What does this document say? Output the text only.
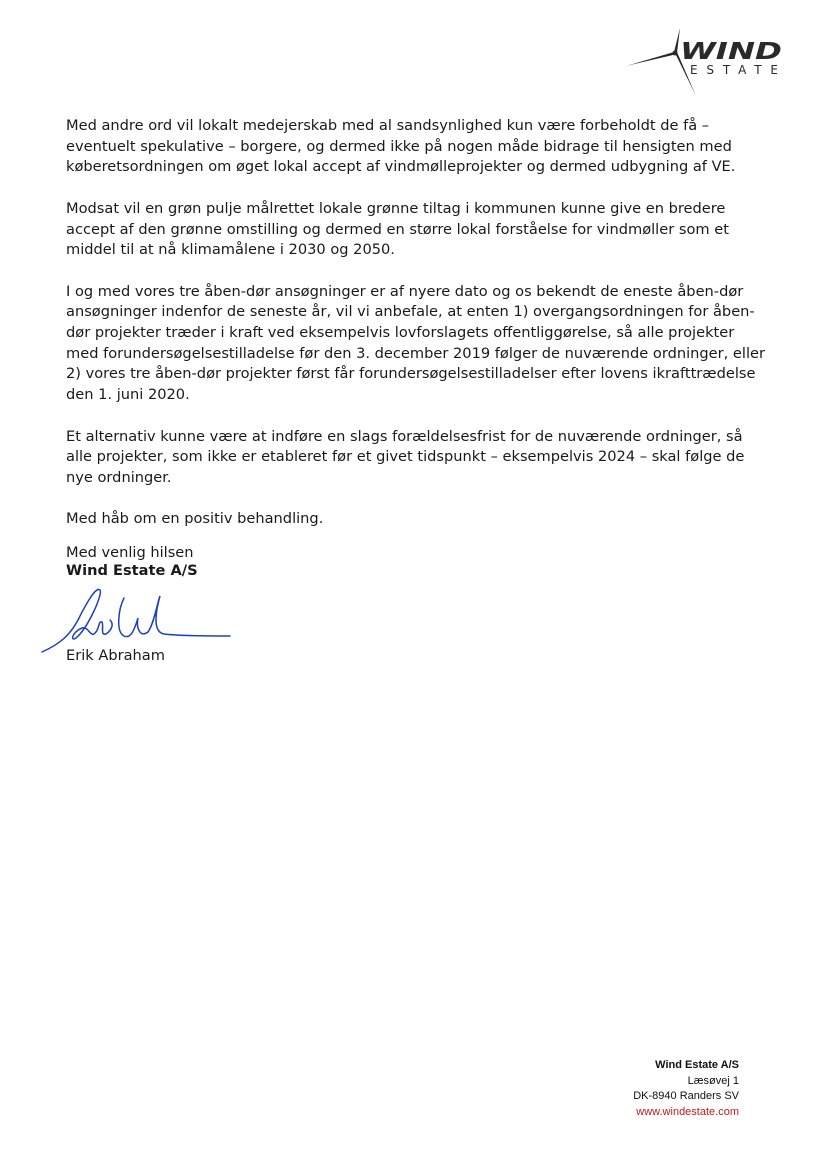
WIND
ESTATE

Med andre ord vil lokalt medejerskab med al sandsynlighed kun være forbeholdt de få – eventuelt spekulative – borgere, og dermed ikke på nogen måde bidrage til hensigten med køberetsordningen om øget lokal accept af vindmølleprojekter og dermed udbygning af VE.

Modsat vil en grøn pulje målrettet lokale grønne tiltag i kommunen kunne give en bredere accept af den grønne omstilling og dermed en større lokal forståelse for vindmøller som et middel til at nå klimamålene i 2030 og 2050.

I og med vores tre åben-dør ansøgninger er af nyere dato og os bekendt de eneste åben-dør ansøgninger indenfor de seneste år, vil vi anbefale, at enten 1) overgangsordningen for åben-dør projekter træder i kraft ved eksempelvis lovforslagets offentliggørelse, så alle projekter med forundersøgelsestilladelse før den 3. december 2019 følger de nuværende ordninger, eller 2) vores tre åben-dør projekter først får forundersøgelsestilladelser efter lovens ikrafttrædelse den 1. juni 2020.

Et alternativ kunne være at indføre en slags forældelsesfrist for de nuværende ordninger, så alle projekter, som ikke er etableret før et givet tidspunkt – eksempelvis 2024 – skal følge de nye ordninger.

Med håb om en positiv behandling.

Med venlig hilsen
Wind Estate A/S
Erik Abraham
Wind Estate A/S
Læsøvej 1
DK-8940 Randers SV
www.windestate.com
